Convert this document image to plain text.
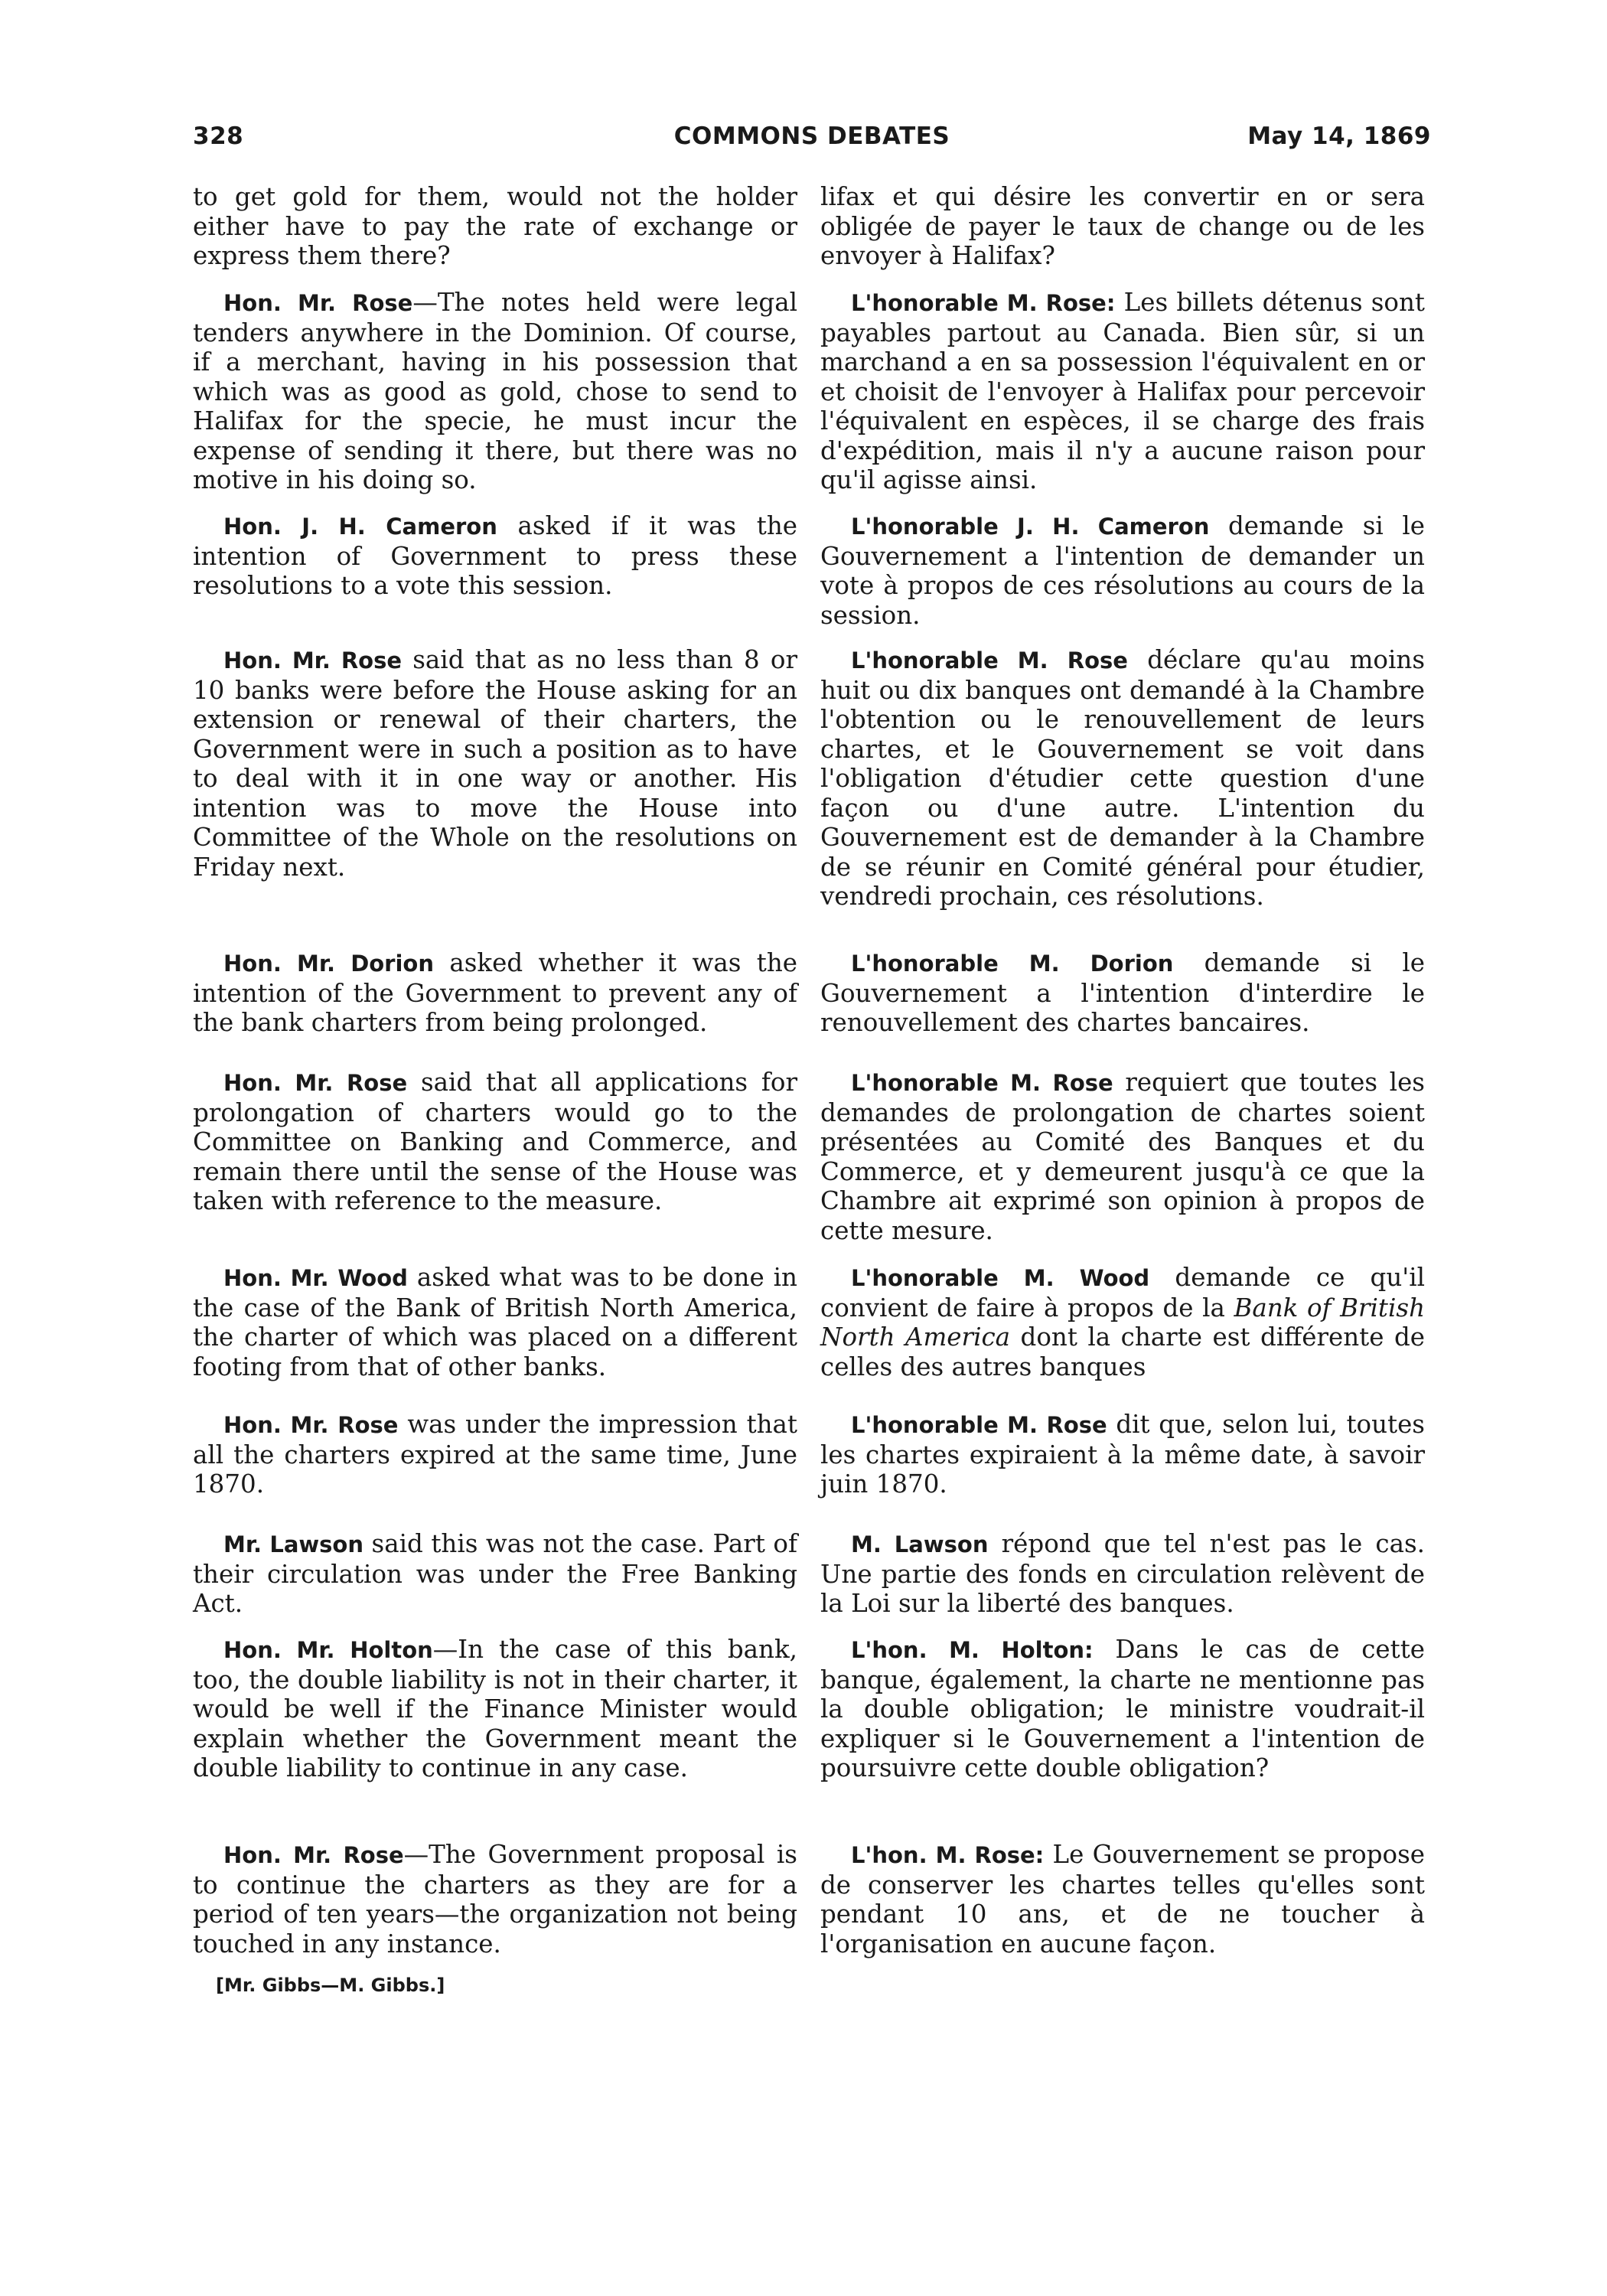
328	COMMONS DEBATES	May 14, 1869

to get gold for them, would not the holder either have to pay the rate of exchange or express them there?

Hon. Mr. Rose—The notes held were legal tenders anywhere in the Dominion. Of course, if a merchant, having in his possession that which was as good as gold, chose to send to Halifax for the specie, he must incur the expense of sending it there, but there was no motive in his doing so.

Hon. J. H. Cameron asked if it was the intention of Government to press these resolutions to a vote this session.

Hon. Mr. Rose said that as no less than 8 or 10 banks were before the House asking for an extension or renewal of their charters, the Government were in such a position as to have to deal with it in one way or another. His intention was to move the House into Committee of the Whole on the resolutions on Friday next.

Hon. Mr. Dorion asked whether it was the intention of the Government to prevent any of the bank charters from being prolonged.

Hon. Mr. Rose said that all applications for prolongation of charters would go to the Committee on Banking and Commerce, and remain there until the sense of the House was taken with reference to the measure.

Hon. Mr. Wood asked what was to be done in the case of the Bank of British North America, the charter of which was placed on a different footing from that of other banks.

Hon. Mr. Rose was under the impression that all the charters expired at the same time, June 1870.

Mr. Lawson said this was not the case. Part of their circulation was under the Free Banking Act.

Hon. Mr. Holton—In the case of this bank, too, the double liability is not in their charter, it would be well if the Finance Minister would explain whether the Government meant the double liability to continue in any case.

Hon. Mr. Rose—The Government proposal is to continue the charters as they are for a period of ten years—the organization not being touched in any instance.

lifax et qui désire les convertir en or sera obligée de payer le taux de change ou de les envoyer à Halifax?

L'honorable M. Rose: Les billets détenus sont payables partout au Canada. Bien sûr, si un marchand a en sa possession l'équivalent en or et choisit de l'envoyer à Halifax pour percevoir l'équivalent en espèces, il se charge des frais d'expédition, mais il n'y a aucune raison pour qu'il agisse ainsi.

L'honorable J. H. Cameron demande si le Gouvernement a l'intention de demander un vote à propos de ces résolutions au cours de la session.

L'honorable M. Rose déclare qu'au moins huit ou dix banques ont demandé à la Chambre l'obtention ou le renouvellement de leurs chartes, et le Gouvernement se voit dans l'obligation d'étudier cette question d'une façon ou d'une autre. L'intention du Gouvernement est de demander à la Chambre de se réunir en Comité général pour étudier, vendredi prochain, ces résolutions.

L'honorable M. Dorion demande si le Gouvernement a l'intention d'interdire le renouvellement des chartes bancaires.

L'honorable M. Rose requiert que toutes les demandes de prolongation de chartes soient présentées au Comité des Banques et du Commerce, et y demeurent jusqu'à ce que la Chambre ait exprimé son opinion à propos de cette mesure.

L'honorable M. Wood demande ce qu'il convient de faire à propos de la Bank of British North America dont la charte est différente de celles des autres banques

L'honorable M. Rose dit que, selon lui, toutes les chartes expiraient à la même date, à savoir juin 1870.

M. Lawson répond que tel n'est pas le cas. Une partie des fonds en circulation relèvent de la Loi sur la liberté des banques.

L'hon. M. Holton: Dans le cas de cette banque, également, la charte ne mentionne pas la double obligation; le ministre voudrait-il expliquer si le Gouvernement a l'intention de poursuivre cette double obligation?

L'hon. M. Rose: Le Gouvernement se propose de conserver les chartes telles qu'elles sont pendant 10 ans, et de ne toucher à l'organisation en aucune façon.

[Mr. Gibbs—M. Gibbs.]
